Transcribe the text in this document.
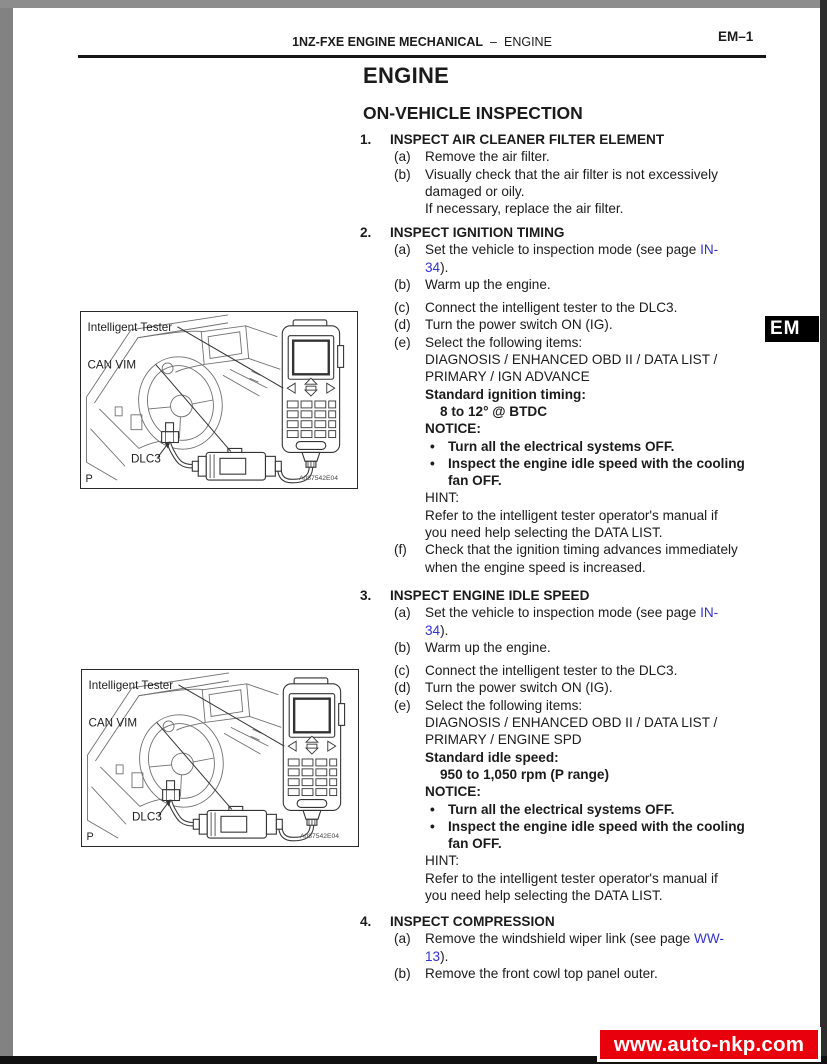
1NZ-FXE ENGINE MECHANICAL – ENGINE	EM–1
ENGINE
ON-VEHICLE INSPECTION
1.	INSPECT AIR CLEANER FILTER ELEMENT
(a)	Remove the air filter.
(b)	Visually check that the air filter is not excessively
damaged or oily.
If necessary, replace the air filter.
2.	INSPECT IGNITION TIMING
(a)	Set the vehicle to inspection mode (see page IN-
34).
(b)	Warm up the engine.
(c)	Connect the intelligent tester to the DLC3.
(d)	Turn the power switch ON (IG).
(e)	Select the following items:
DIAGNOSIS / ENHANCED OBD II / DATA LIST /
PRIMARY / IGN ADVANCE
Standard ignition timing:
8 to 12° @ BTDC
NOTICE:
• Turn all the electrical systems OFF.
• Inspect the engine idle speed with the cooling
fan OFF.
HINT:
Refer to the intelligent tester operator's manual if
you need help selecting the DATA LIST.
(f)	Check that the ignition timing advances immediately
when the engine speed is increased.
3.	INSPECT ENGINE IDLE SPEED
(a)	Set the vehicle to inspection mode (see page IN-
34).
(b)	Warm up the engine.
(c)	Connect the intelligent tester to the DLC3.
(d)	Turn the power switch ON (IG).
(e)	Select the following items:
DIAGNOSIS / ENHANCED OBD II / DATA LIST /
PRIMARY / ENGINE SPD
Standard idle speed:
950 to 1,050 rpm (P range)
NOTICE:
• Turn all the electrical systems OFF.
• Inspect the engine idle speed with the cooling
fan OFF.
HINT:
Refer to the intelligent tester operator's manual if
you need help selecting the DATA LIST.
4.	INSPECT COMPRESSION
(a)	Remove the windshield wiper link (see page WW-
13).
(b)	Remove the front cowl top panel outer.
Intelligent Tester
CAN VIM
DLC3
P	A087542E04
Intelligent Tester
CAN VIM
DLC3
P	A087542E04
EM
www.auto-nkp.com
